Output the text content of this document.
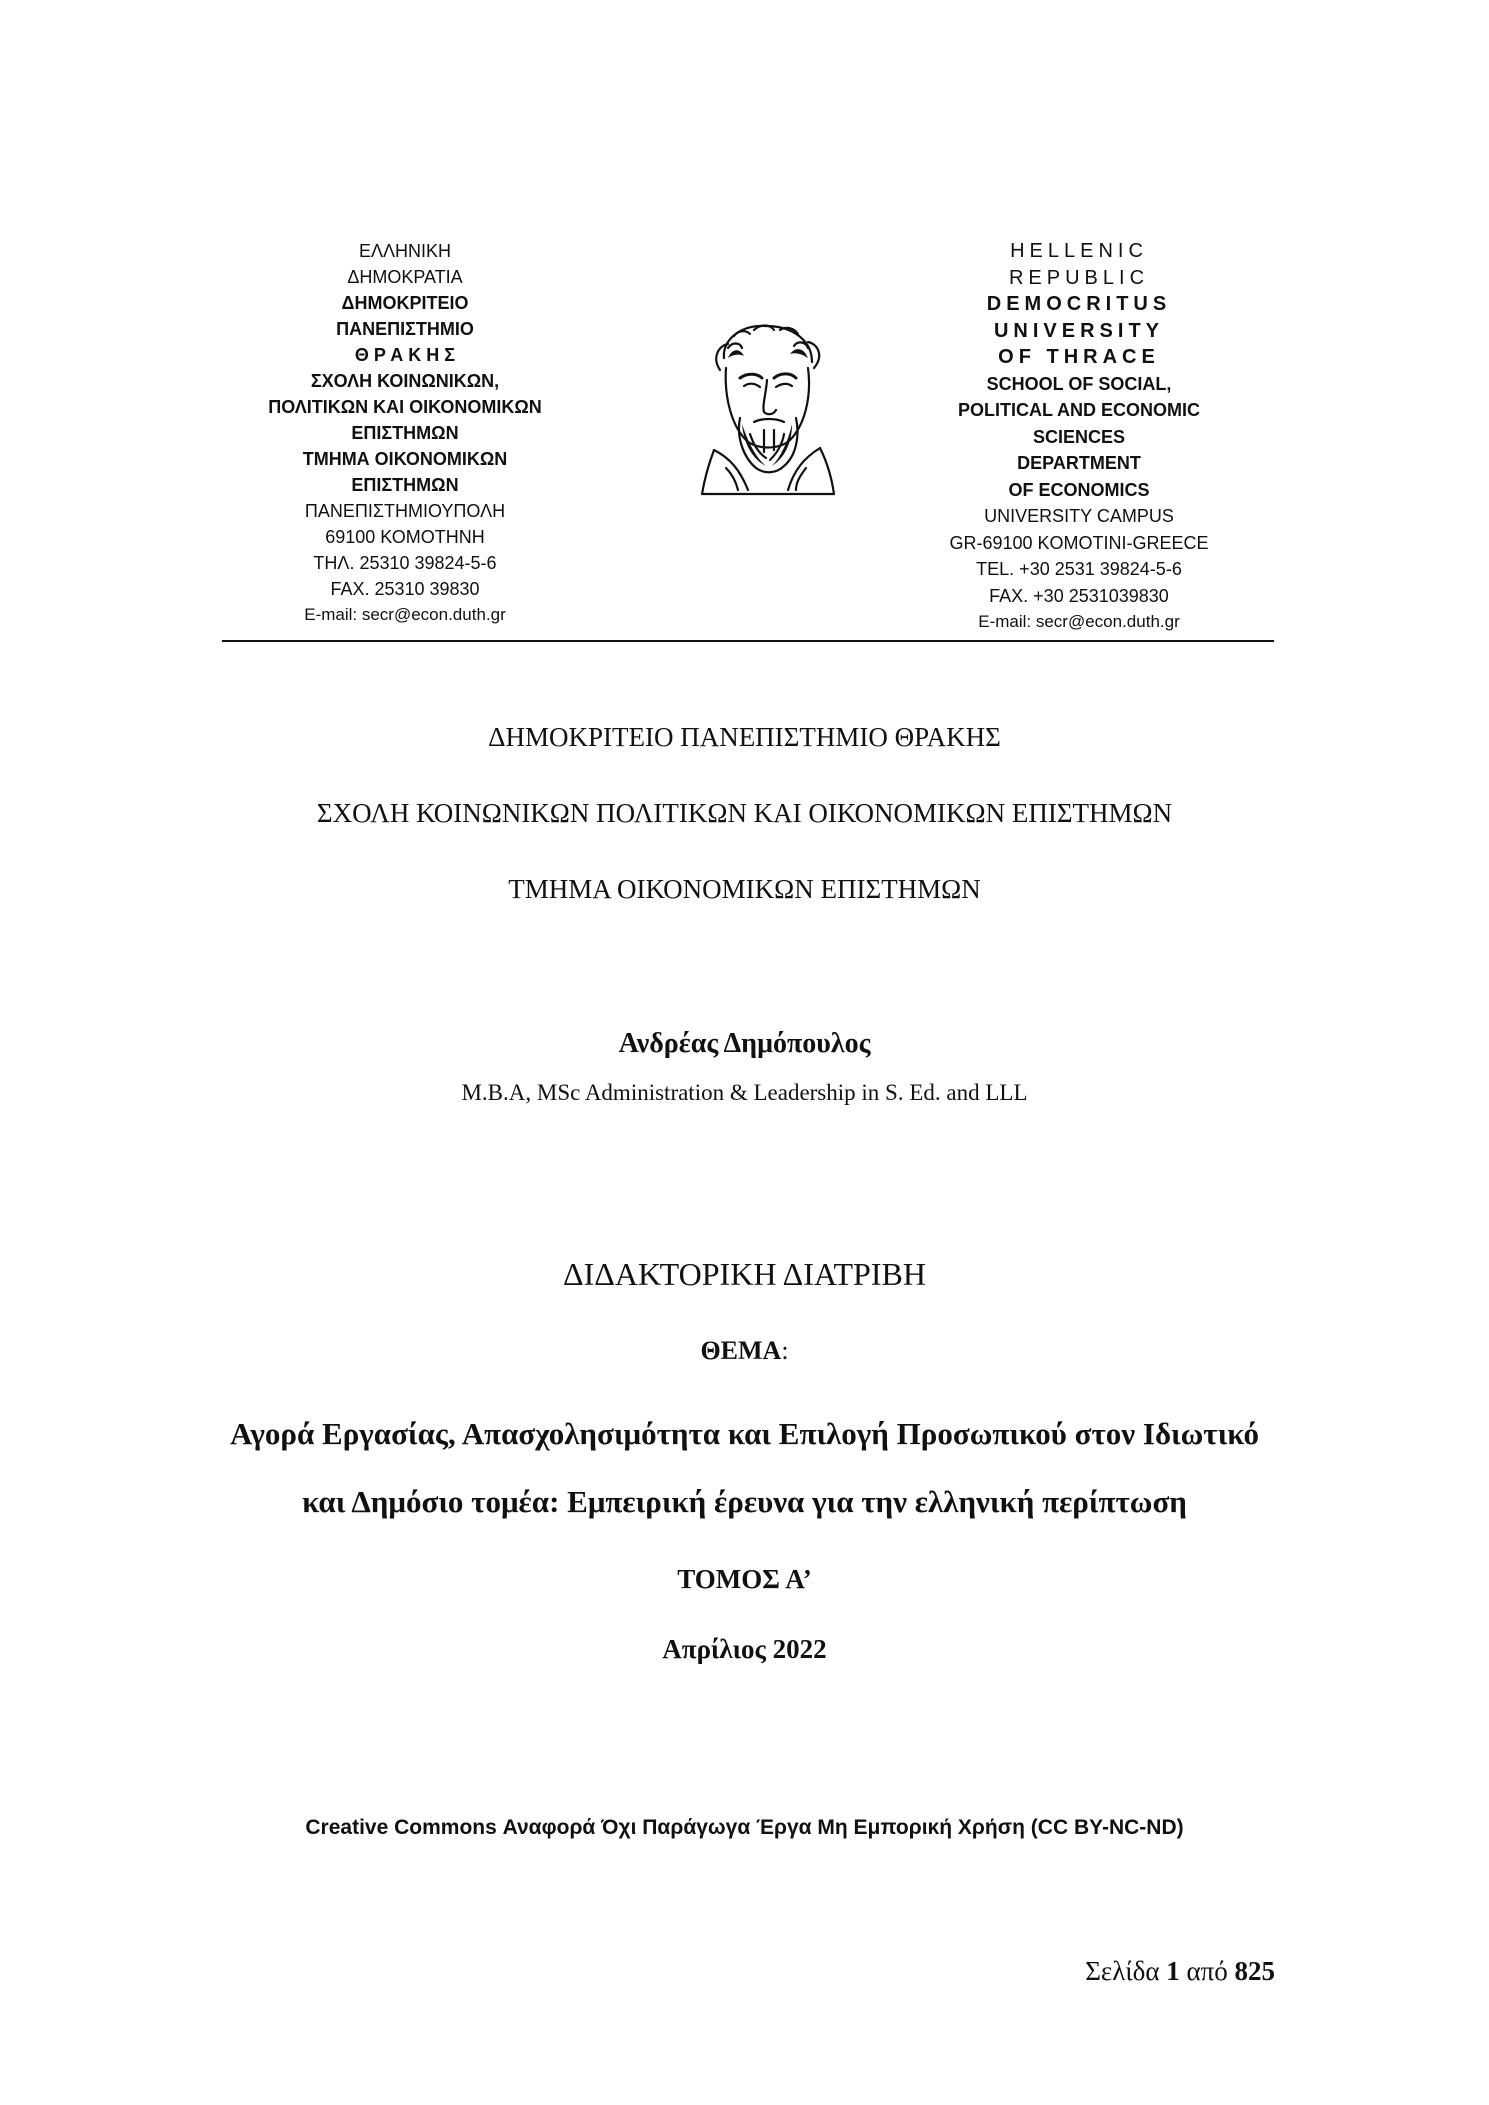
ΕΛΛΗΝΙΚΗ
ΔΗΜΟΚΡΑΤΙΑ
ΔΗΜΟΚΡΙΤΕΙΟ
ΠΑΝΕΠΙΣΤΗΜΙΟ
Θ Ρ Α Κ Η Σ
ΣΧΟΛΗ ΚΟΙΝΩΝΙΚΩΝ,
ΠΟΛΙΤΙΚΩΝ ΚΑΙ ΟΙΚΟΝΟΜΙΚΩΝ
ΕΠΙΣΤΗΜΩΝ
ΤΜΗΜΑ ΟΙΚΟΝΟΜΙΚΩΝ
ΕΠΙΣΤΗΜΩΝ
ΠΑΝΕΠΙΣΤΗΜΙΟΥΠΟΛΗ
69100 ΚΟΜΟΤΗΝΗ
ΤΗΛ. 25310 39824-5-6
FAX. 25310 39830
E-mail: secr@econ.duth.gr
HELLENIC
REPUBLIC
DEMOCRITUS
UNIVERSITY
OF THRACE
SCHOOL OF SOCIAL,
POLITICAL AND ECONOMIC
SCIENCES
DEPARTMENT
OF ECONOMICS
UNIVERSITY CAMPUS
GR-69100 KOMOTINI-GREECE
TEL. +30 2531 39824-5-6
FAX. +30 2531039830
E-mail: secr@econ.duth.gr
ΔΗΜΟΚΡΙΤΕΙΟ ΠΑΝΕΠΙΣΤΗΜΙΟ ΘΡΑΚΗΣ
ΣΧΟΛΗ ΚΟΙΝΩΝΙΚΩΝ ΠΟΛΙΤΙΚΩΝ ΚΑΙ ΟΙΚΟΝΟΜΙΚΩΝ ΕΠΙΣΤΗΜΩΝ
ΤΜΗΜΑ ΟΙΚΟΝΟΜΙΚΩΝ ΕΠΙΣΤΗΜΩΝ
Ανδρέας Δημόπουλος
M.B.A, MSc Administration & Leadership in S. Ed. and LLL
ΔΙΔΑΚΤΟΡΙΚΗ ΔΙΑΤΡΙΒΗ
ΘΕΜΑ:
Αγορά Εργασίας, Απασχολησιμότητα και Επιλογή Προσωπικού στον Ιδιωτικό
και Δημόσιο τομέα: Εμπειρική έρευνα για την ελληνική περίπτωση
ΤΟΜΟΣ Α’
Απρίλιος 2022
Creative Commons Αναφορά Όχι Παράγωγα Έργα Μη Εμπορική Χρήση (CC BY-NC-ND)
Σελίδα 1 από 825
